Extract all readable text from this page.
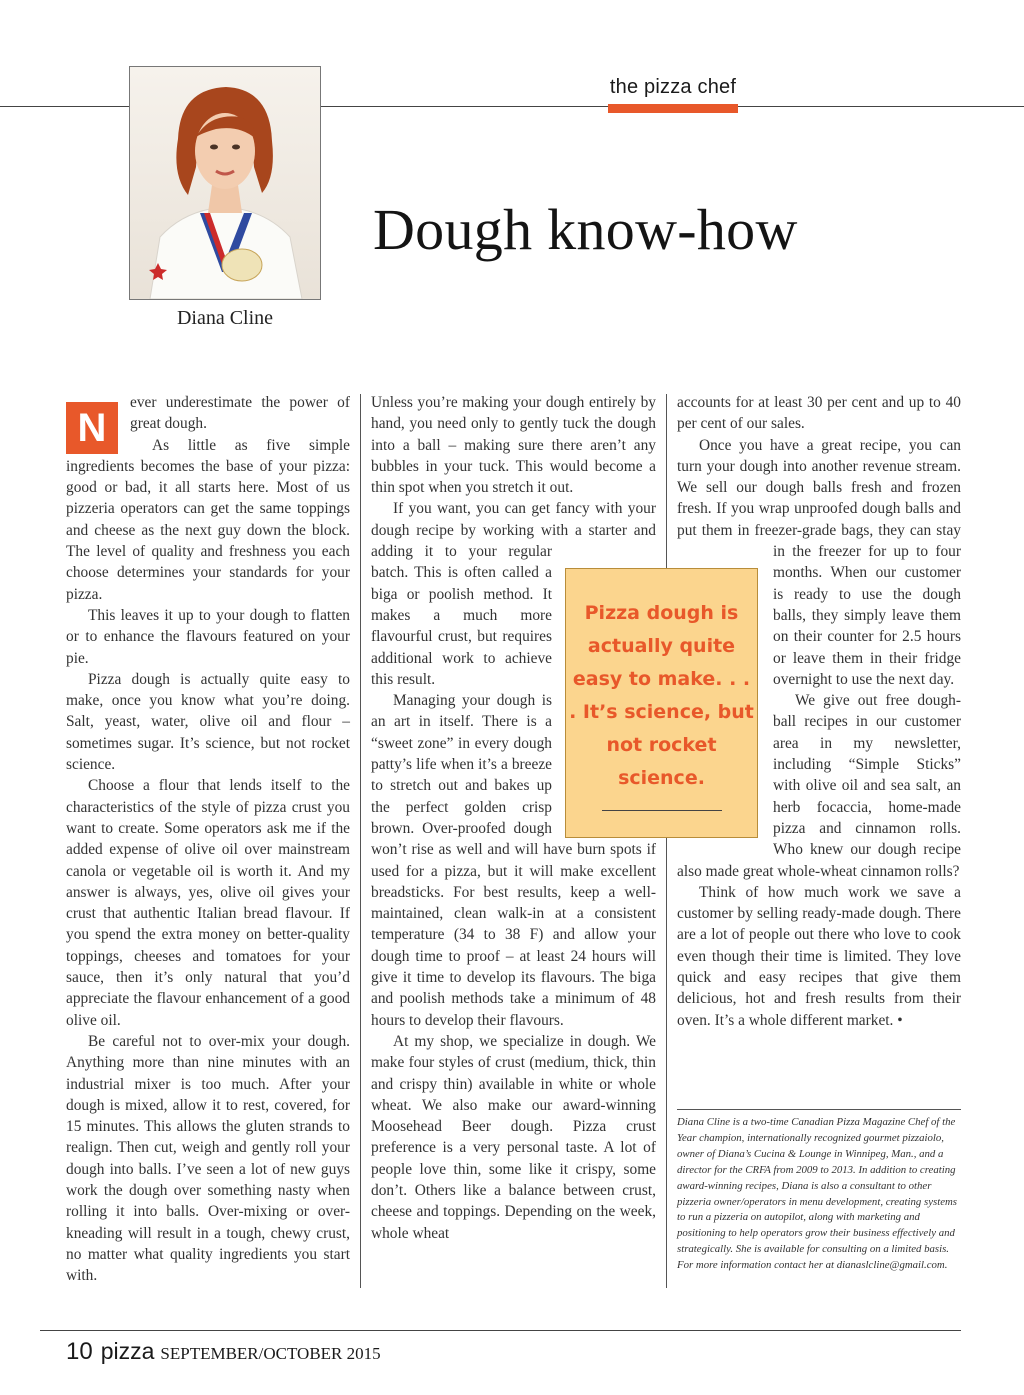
the pizza chef
Diana Cline
Dough know-how
N

ever underestimate the power of great dough.

As little as five simple ingredients becomes the base of your pizza: good or bad, it all starts here. Most of us pizzeria operators can get the same toppings and cheese as the next guy down the block. The level of quality and freshness you each choose determines your standards for your pizza.

This leaves it up to your dough to flatten or to enhance the flavours featured on your pie.

Pizza dough is actually quite easy to make, once you know what you’re doing. Salt, yeast, water, olive oil and flour – sometimes sugar. It’s science, but not rocket science.

Choose a flour that lends itself to the characteristics of the style of pizza crust you want to create. Some operators ask me if the added expense of olive oil over mainstream canola or vegetable oil is worth it. And my answer is always, yes, olive oil gives your crust that authentic Italian bread flavour. If you spend the extra money on better-quality toppings, cheeses and tomatoes for your sauce, then it’s only natural that you’d appreciate the flavour enhancement of a good olive oil.

Be careful not to over-mix your dough. Anything more than nine minutes with an industrial mixer is too much. After your dough is mixed, allow it to rest, covered, for 15 minutes. This allows the gluten strands to realign. Then cut, weigh and gently roll your dough into balls. I’ve seen a lot of new guys work the dough over something nasty when rolling it into balls. Over-mixing or over-kneading will result in a tough, chewy crust, no matter what quality ingredients you start with.

Unless you’re making your dough entirely by hand, you need only to gently tuck the dough into a ball – making sure there aren’t any bubbles in your tuck. This would become a thin spot when you stretch it out.

If you want, you can get fancy with your dough recipe by working with a starter and adding it to your regular batch. This is often called a biga or poolish method. It makes a much more flavourful crust, but requires additional work to achieve this result.

Managing your dough is an art in itself. There is a “sweet zone” in every dough patty’s life when it’s a breeze to stretch out and bakes up the perfect golden crisp brown. Over-proofed dough won’t rise as well and will have burn spots if used for a pizza, but it will make excellent breadsticks. For best results, keep a well-maintained, clean walk-in at a consistent temperature (34 to 38 F) and allow your dough time to proof – at least 24 hours will give it time to develop its flavours. The biga and poolish methods take a minimum of 48 hours to develop their flavours.

At my shop, we specialize in dough. We make four styles of crust (medium, thick, thin and crispy thin) available in white or whole wheat. We also make our award-winning Moosehead Beer dough. Pizza crust preference is a very personal taste. A lot of people love thin, some like it crispy, some don’t. Others like a balance between crust, cheese and toppings. Depending on the week, whole wheat

accounts for at least 30 per cent and up to 40 per cent of our sales.

Once you have a great recipe, you can turn your dough into another revenue stream. We sell our dough balls fresh and frozen fresh. If you wrap unproofed dough balls and put them in freezer-grade bags, they can stay in the freezer for up to four months. When our customer is ready to use the dough balls, they simply leave them on their counter for 2.5 hours or leave them in their fridge overnight to use the next day.

We give out free dough-ball recipes in our customer area in my newsletter, including “Simple Sticks” with olive oil and sea salt, an herb focaccia, home-made pizza and cinnamon rolls. Who knew our dough recipe also made great whole-wheat cinnamon rolls?

Think of how much work we save a customer by selling ready-made dough. There are a lot of people out there who love to cook even though their time is limited. They love quick and easy recipes that give them delicious, hot and fresh results from their oven. It’s a whole different market. •

Pizza dough is actually quite easy to make. . . . It’s science, but not rocket science.
Diana Cline is a two-time Canadian Pizza Magazine Chef of the Year champion, internationally recognized gourmet pizzaiolo, owner of Diana’s Cucina & Lounge in Winnipeg, Man., and a director for the CRFA from 2009 to 2013. In addition to creating award-winning recipes, Diana is also a consultant to other pizzeria owner/operators in menu development, creating systems to run a pizzeria on autopilot, along with marketing and positioning to help operators grow their business effectively and strategically. She is available for consulting on a limited basis. For more information contact her at dianaslcline@gmail.com.
10 pizza SEPTEMBER/OCTOBER 2015
